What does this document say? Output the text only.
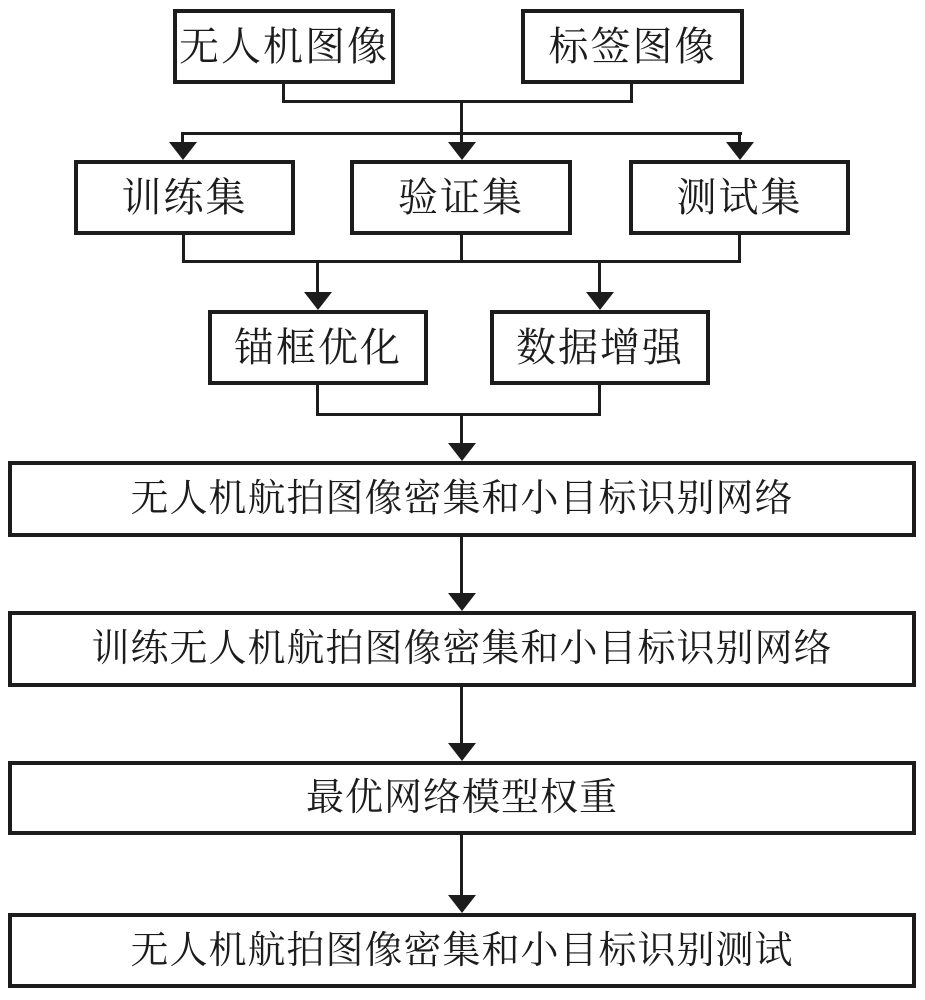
无人机图像	标签图像
训练集	验证集	测试集
锚框优化	数据增强
无人机航拍图像密集和小目标识别网络
训练无人机航拍图像密集和小目标识别网络
最优网络模型权重
无人机航拍图像密集和小目标识别测试
